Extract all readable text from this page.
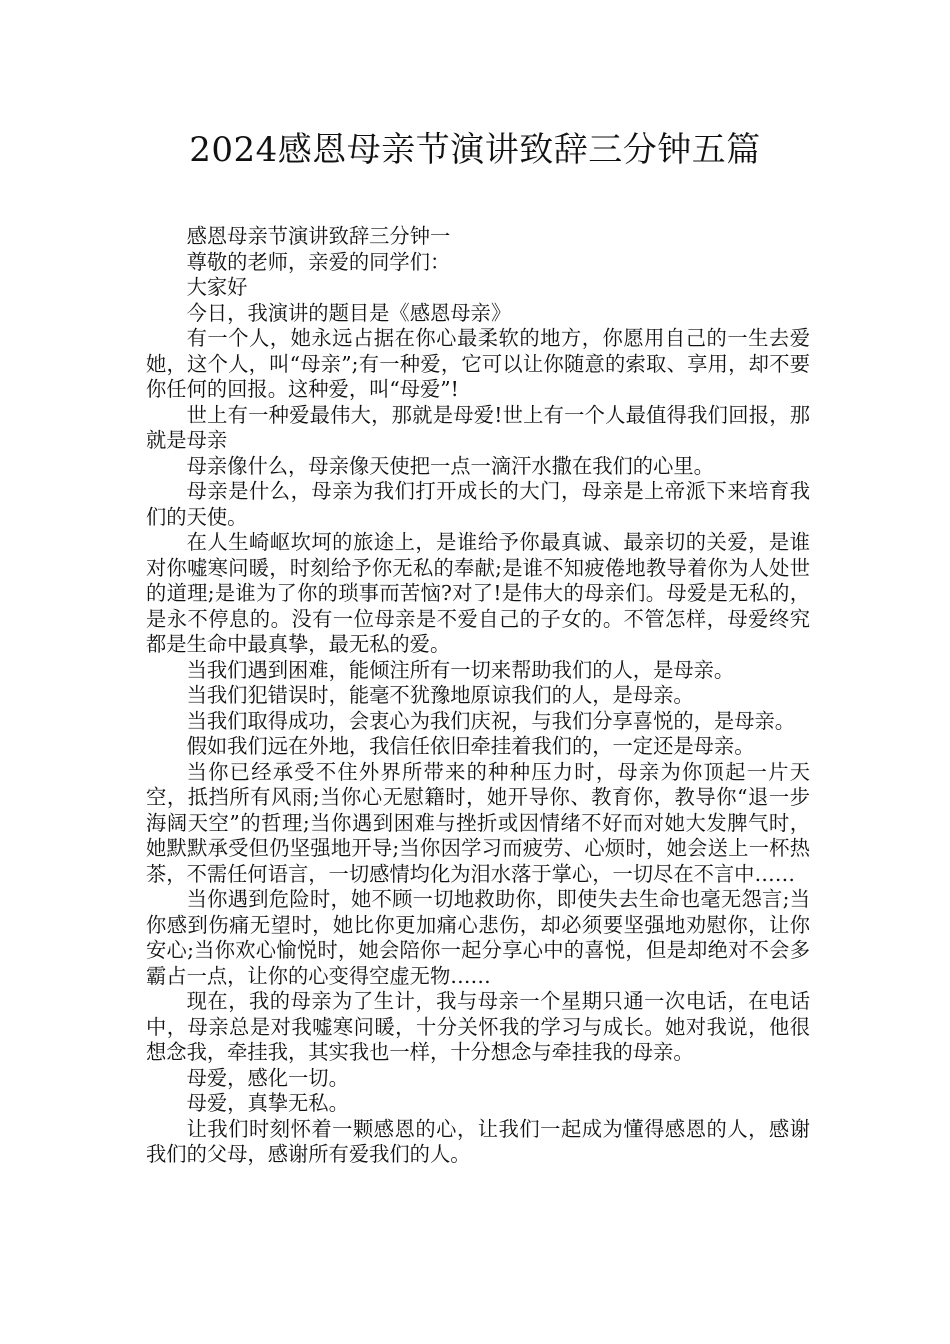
2024感恩母亲节演讲致辞三分钟五篇

感恩母亲节演讲致辞三分钟一

尊敬的老师，亲爱的同学们：

大家好

今日，我演讲的题目是《感恩母亲》

有一个人，她永远占据在你心最柔软的地方，你愿用自己的一生去爱她，这个人，叫“母亲”;有一种爱，它可以让你随意的索取、享用，却不要你任何的回报。这种爱，叫“母爱”!

世上有一种爱最伟大，那就是母爱!世上有一个人最值得我们回报，那就是母亲

母亲像什么，母亲像天使把一点一滴汗水撒在我们的心里。

母亲是什么，母亲为我们打开成长的大门，母亲是上帝派下来培育我们的天使。

在人生崎岖坎坷的旅途上，是谁给予你最真诚、最亲切的关爱，是谁对你嘘寒问暖，时刻给予你无私的奉献;是谁不知疲倦地教导着你为人处世的道理;是谁为了你的琐事而苦恼?对了!是伟大的母亲们。母爱是无私的，是永不停息的。没有一位母亲是不爱自己的子女的。不管怎样，母爱终究都是生命中最真挚，最无私的爱。

当我们遇到困难，能倾注所有一切来帮助我们的人，是母亲。

当我们犯错误时，能毫不犹豫地原谅我们的人，是母亲。

当我们取得成功，会衷心为我们庆祝，与我们分享喜悦的，是母亲。

假如我们远在外地，我信任依旧牵挂着我们的，一定还是母亲。

当你已经承受不住外界所带来的种种压力时，母亲为你顶起一片天空，抵挡所有风雨;当你心无慰籍时，她开导你、教育你，教导你“退一步海阔天空”的哲理;当你遇到困难与挫折或因情绪不好而对她大发脾气时，她默默承受但仍坚强地开导;当你因学习而疲劳、心烦时，她会送上一杯热茶，不需任何语言，一切感情均化为泪水落于掌心，一切尽在不言中……

当你遇到危险时，她不顾一切地救助你，即使失去生命也毫无怨言;当你感到伤痛无望时，她比你更加痛心悲伤，却必须要坚强地劝慰你，让你安心;当你欢心愉悦时，她会陪你一起分享心中的喜悦，但是却绝对不会多霸占一点，让你的心变得空虚无物……

现在，我的母亲为了生计，我与母亲一个星期只通一次电话，在电话中，母亲总是对我嘘寒问暖，十分关怀我的学习与成长。她对我说，他很想念我，牵挂我，其实我也一样，十分想念与牵挂我的母亲。

母爱，感化一切。

母爱，真挚无私。

让我们时刻怀着一颗感恩的心，让我们一起成为懂得感恩的人，感谢我们的父母，感谢所有爱我们的人。
